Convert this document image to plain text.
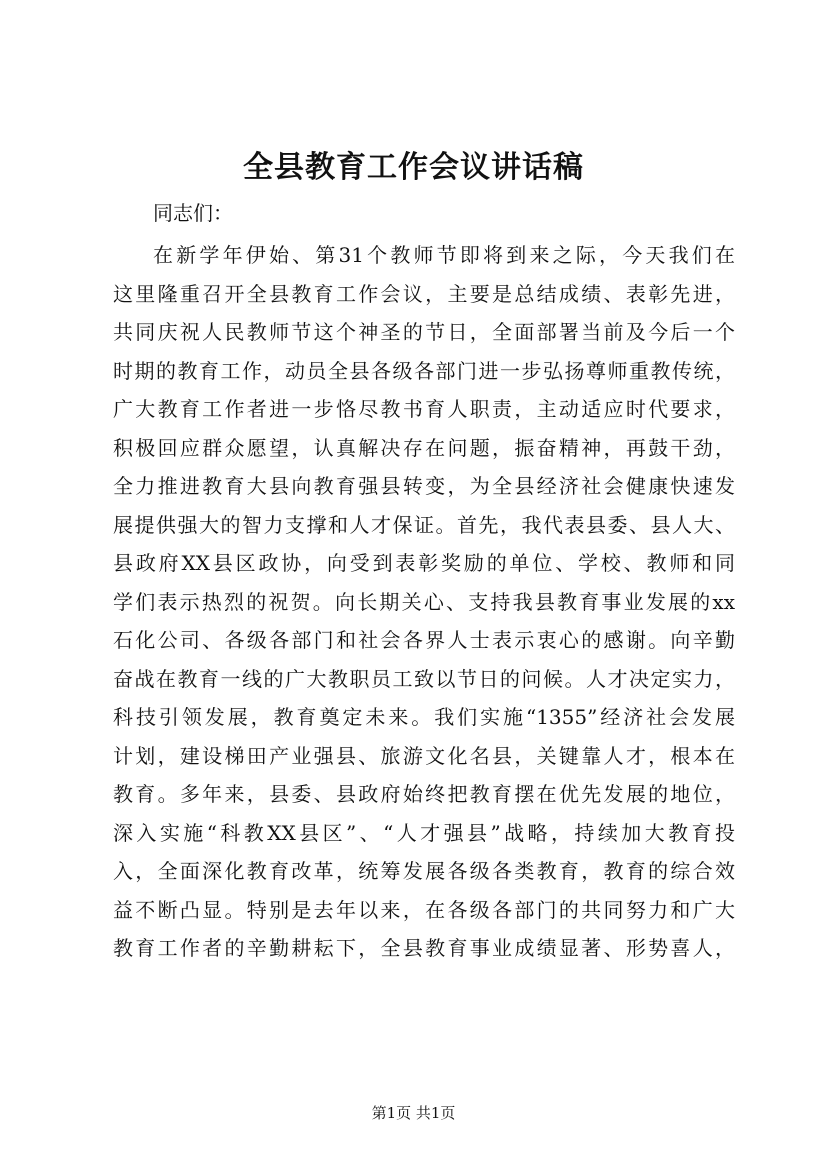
全县教育工作会议讲话稿
同志们：
在新学年伊始、第31个教师节即将到来之际，今天我们在
这里隆重召开全县教育工作会议，主要是总结成绩、表彰先进，
共同庆祝人民教师节这个神圣的节日，全面部署当前及今后一个
时期的教育工作，动员全县各级各部门进一步弘扬尊师重教传统，
广大教育工作者进一步恪尽教书育人职责，主动适应时代要求，
积极回应群众愿望，认真解决存在问题，振奋精神，再鼓干劲，
全力推进教育大县向教育强县转变，为全县经济社会健康快速发
展提供强大的智力支撑和人才保证。首先，我代表县委、县人大、
县政府XX县区政协，向受到表彰奖励的单位、学校、教师和同
学们表示热烈的祝贺。向长期关心、支持我县教育事业发展的xx
石化公司、各级各部门和社会各界人士表示衷心的感谢。向辛勤
奋战在教育一线的广大教职员工致以节日的问候。人才决定实力，
科技引领发展，教育奠定未来。我们实施“1355”经济社会发展
计划，建设梯田产业强县、旅游文化名县，关键靠人才，根本在
教育。多年来，县委、县政府始终把教育摆在优先发展的地位，
深入实施“科教XX县区”、“人才强县”战略，持续加大教育投
入，全面深化教育改革，统筹发展各级各类教育，教育的综合效
益不断凸显。特别是去年以来，在各级各部门的共同努力和广大
教育工作者的辛勤耕耘下，全县教育事业成绩显著、形势喜人，
第1页 共1页
